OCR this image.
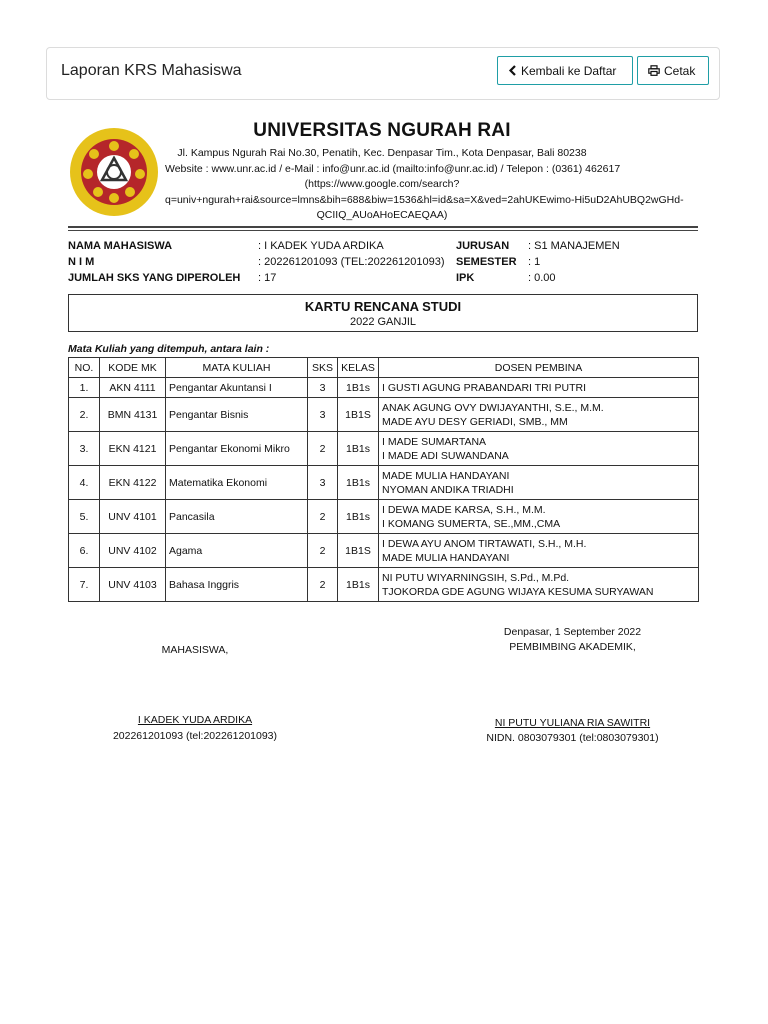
Laporan KRS Mahasiswa	Kembali ke Daftar	Cetak
UNIVERSITAS NGURAH RAI
Jl. Kampus Ngurah Rai No.30, Penatih, Kec. Denpasar Tim., Kota Denpasar, Bali 80238
Website : www.unr.ac.id / e-Mail : info@unr.ac.id (mailto:info@unr.ac.id) / Telepon : (0361) 462617
(https://www.google.com/search?
q=univ+ngurah+rai&source=lmns&bih=688&biw=1536&hl=id&sa=X&ved=2ahUKEwimo-Hi5uD2AhUBQ2wGHd-
QCIIQ_AUoAHoECAEQAA)
NAMA MAHASISWA	: I KADEK YUDA ARDIKA
N I M	: 202261201093 (TEL:202261201093)
JUMLAH SKS YANG DIPEROLEH : 17
JURUSAN : S1 MANAJEMEN
SEMESTER : 1
IPK	: 0.00
KARTU RENCANA STUDI
2022 GANJIL
Mata Kuliah yang ditempuh, antara lain :
NO.	KODE MK	MATA KULIAH	SKS	KELAS	DOSEN PEMBINA
1.	AKN 4111	Pengantar Akuntansi I	3	1B1s	I GUSTI AGUNG PRABANDARI TRI PUTRI

2.	BMN 4131	Pengantar Bisnis	3	1B1S	ANAK AGUNG OVY DWIJAYANTHI, S.E., M.M.
MADE AYU DESY GERIADI, SMB., MM

3.	EKN 4121	Pengantar Ekonomi Mikro	2	1B1s	I MADE SUMARTANA
I MADE ADI SUWANDANA

4.	EKN 4122	Matematika Ekonomi	3	1B1s	MADE MULIA HANDAYANI
NYOMAN ANDIKA TRIADHI

5.	UNV 4101	Pancasila	2	1B1s	I DEWA MADE KARSA, S.H., M.M.
I KOMANG SUMERTA, SE.,MM.,CMA

6.	UNV 4102	Agama	2	1B1S	I DEWA AYU ANOM TIRTAWATI, S.H., M.H.
MADE MULIA HANDAYANI

7.	UNV 4103	Bahasa Inggris	2	1B1s	NI PUTU WIYARNINGSIH, S.Pd., M.Pd.
TJOKORDA GDE AGUNG WIJAYA KESUMA SURYAWAN
MAHASISWA,
I KADEK YUDA ARDIKA
202261201093 (tel:202261201093)
Denpasar, 1 September 2022
PEMBIMBING AKADEMIK,
NI PUTU YULIANA RIA SAWITRI
NIDN. 0803079301 (tel:0803079301)
